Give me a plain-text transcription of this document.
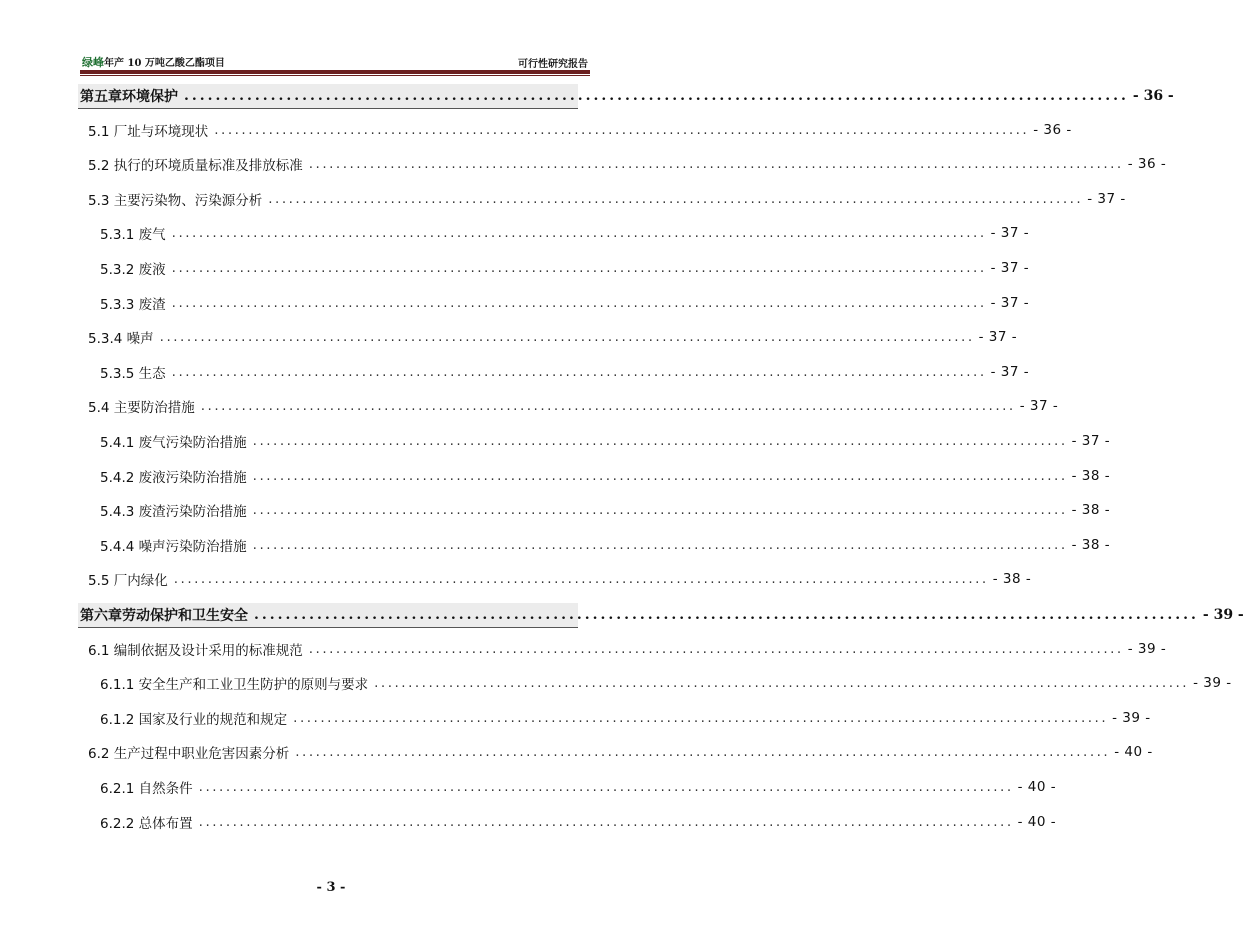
绿峰年产 10 万吨乙酸乙酯项目	可行性研究报告
第五章 环境保护 ........................................................................................................................ - 36 -
5.1 厂址与环境现状 ........................................................................................................................ - 36 -
5.2 执行的环境质量标准及排放标准 ........................................................................................................................ - 36 -
5.3 主要污染物、污染源分析 ........................................................................................................................ - 37 -
5.3.1 废气 ........................................................................................................................ - 37 -
5.3.2 废液 ........................................................................................................................ - 37 -
5.3.3 废渣 ........................................................................................................................ - 37 -
5.3.4 噪声 ........................................................................................................................ - 37 -
5.3.5 生态 ........................................................................................................................ - 37 -
5.4 主要防治措施 ........................................................................................................................ - 37 -
5.4.1 废气污染防治措施 ........................................................................................................................ - 37 -
5.4.2 废液污染防治措施 ........................................................................................................................ - 38 -
5.4.3 废渣污染防治措施 ........................................................................................................................ - 38 -
5.4.4 噪声污染防治措施 ........................................................................................................................ - 38 -
5.5 厂内绿化 ........................................................................................................................ - 38 -
第六章 劳动保护和卫生安全 ........................................................................................................................ - 39 -
6.1 编制依据及设计采用的标准规范 ........................................................................................................................ - 39 -
6.1.1 安全生产和工业卫生防护的原则与要求 ........................................................................................................................ - 39 -
6.1.2 国家及行业的规范和规定 ........................................................................................................................ - 39 -
6.2 生产过程中职业危害因素分析 ........................................................................................................................ - 40 -
6.2.1 自然条件 ........................................................................................................................ - 40 -
6.2.2 总体布置 ........................................................................................................................ - 40 -
- 3 -
